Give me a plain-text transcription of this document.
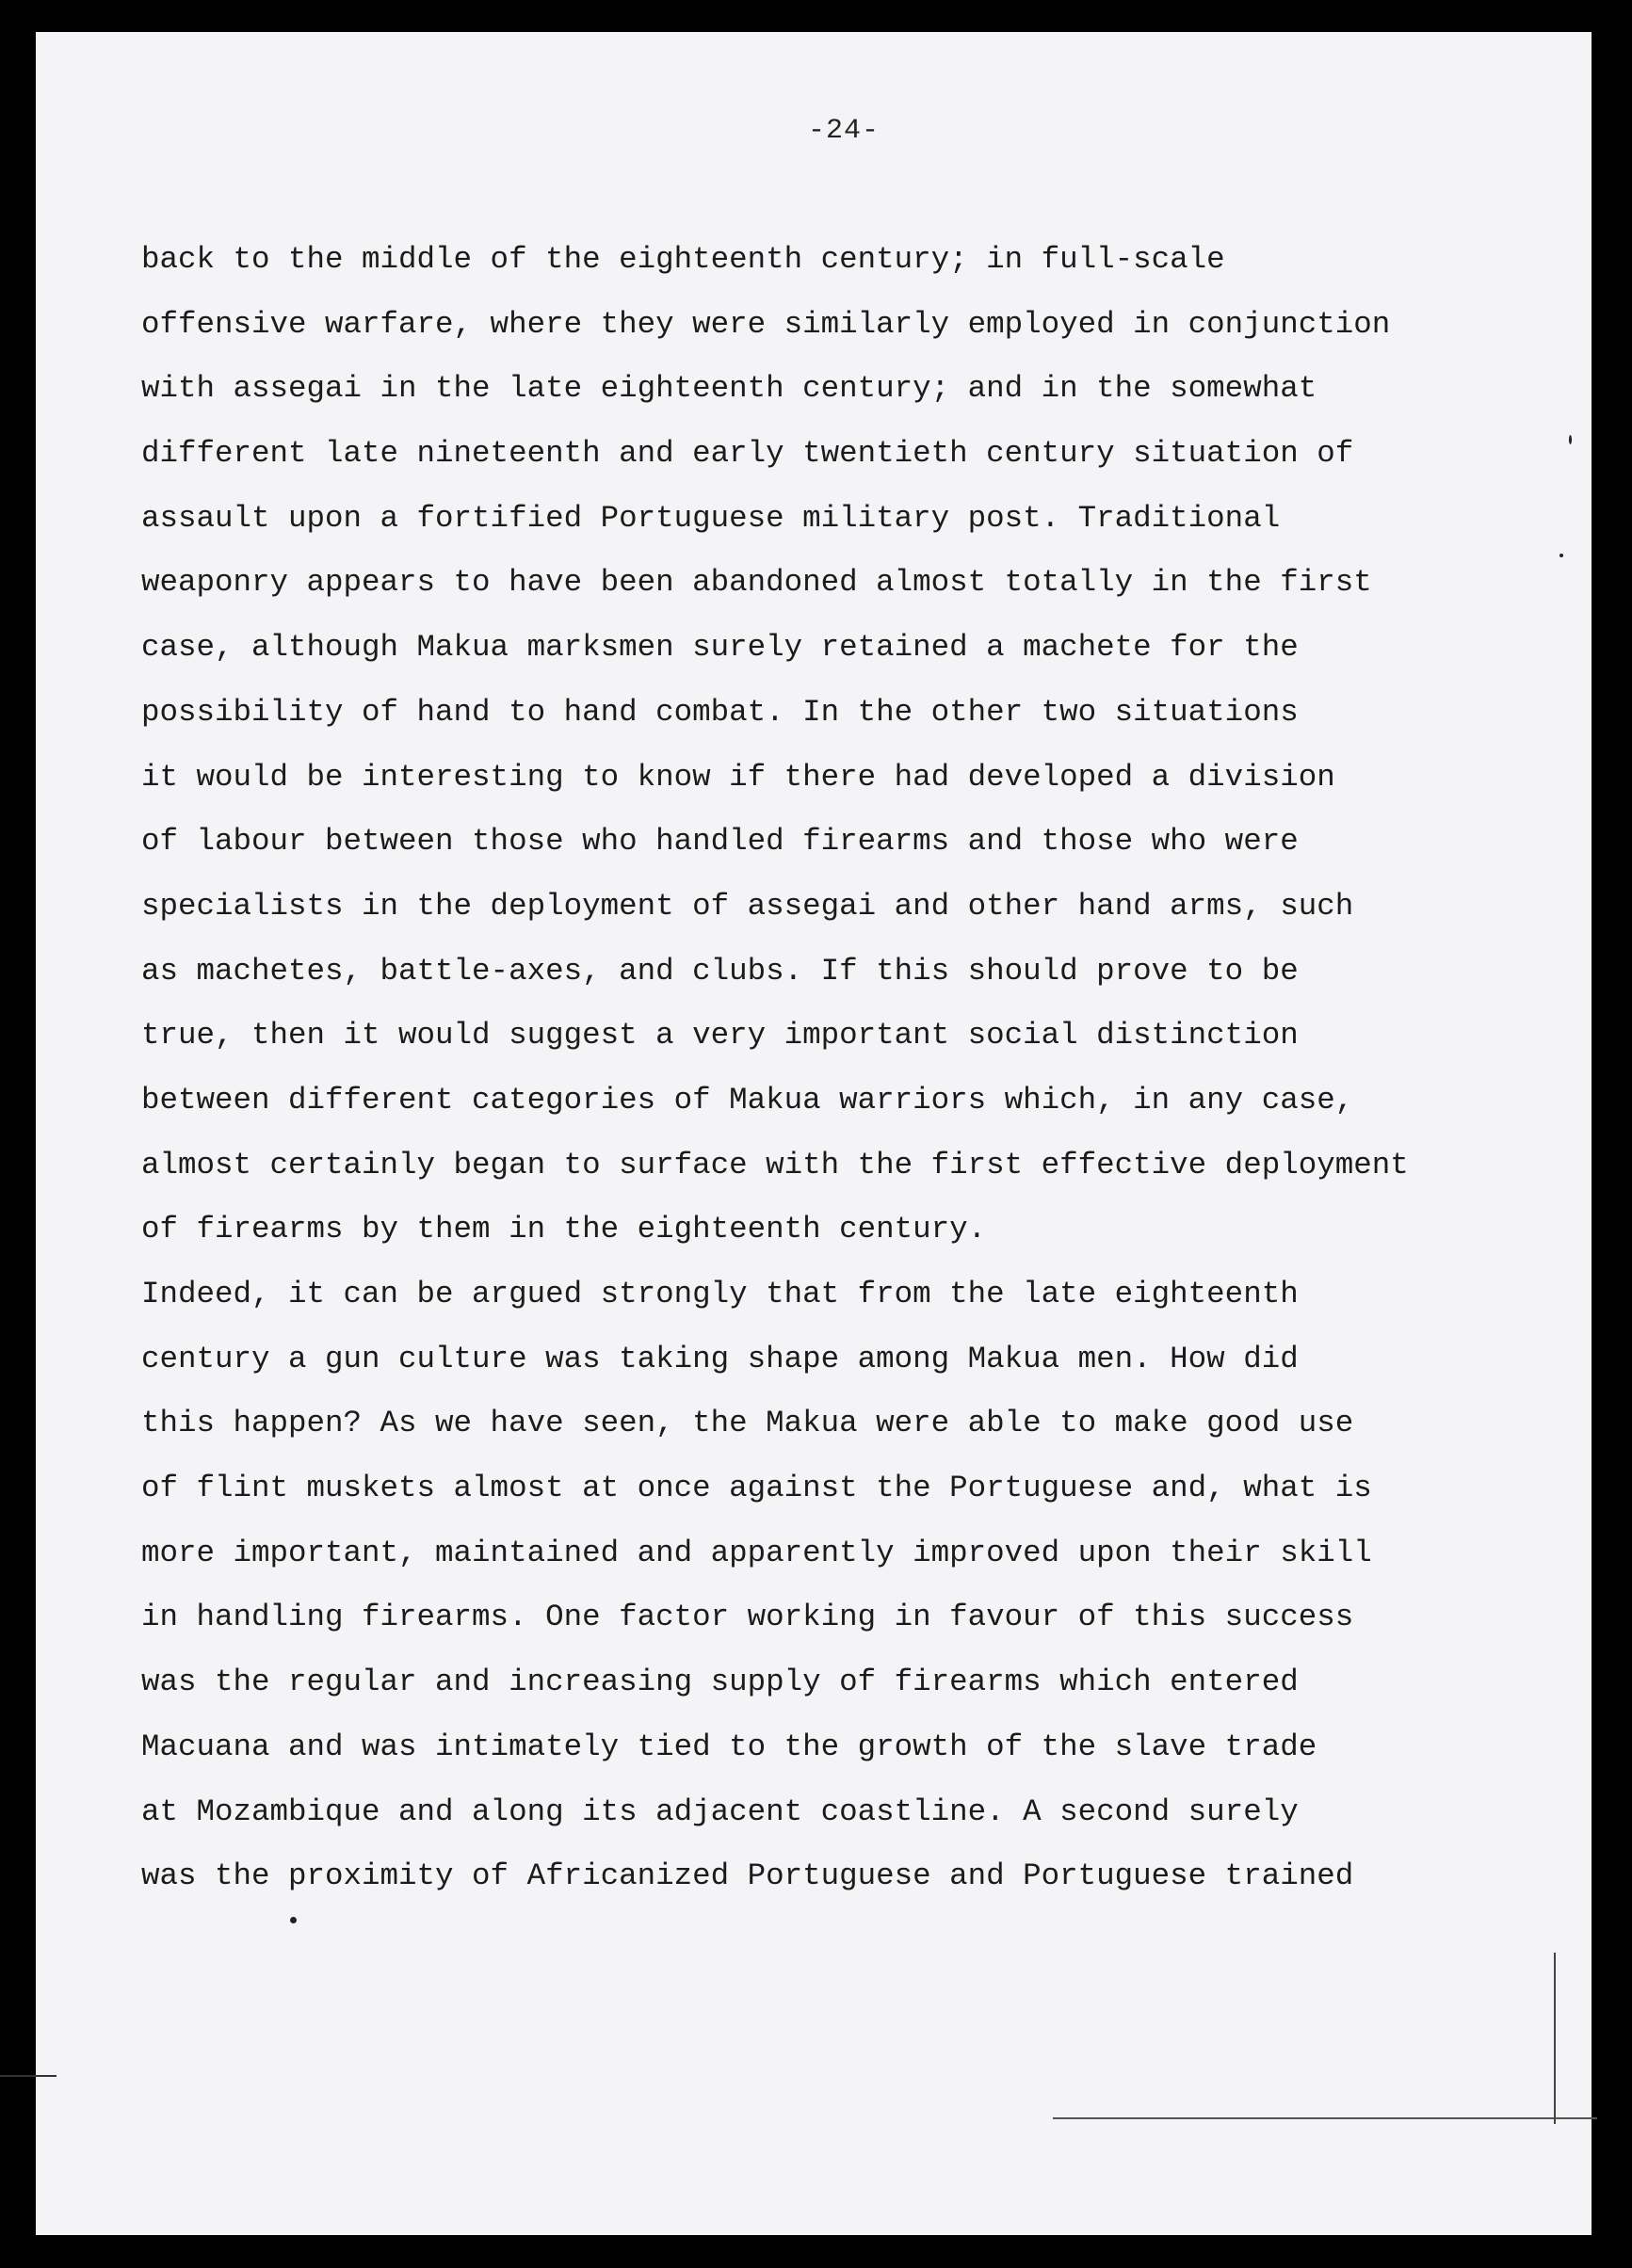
-24-
back to the middle of the eighteenth century; in full-scale
offensive warfare, where they were similarly employed in conjunction
with assegai in the late eighteenth century; and in the somewhat
different late nineteenth and early twentieth century situation of
assault upon a fortified Portuguese military post. Traditional
weaponry appears to have been abandoned almost totally in the first
case, although Makua marksmen surely retained a machete for the
possibility of hand to hand combat. In the other two situations
it would be interesting to know if there had developed a division
of labour between those who handled firearms and those who were
specialists in the deployment of assegai and other hand arms, such
as machetes, battle-axes, and clubs. If this should prove to be
true, then it would suggest a very important social distinction
between different categories of Makua warriors which, in any case,
almost certainly began to surface with the first effective deployment
of firearms by them in the eighteenth century.
Indeed, it can be argued strongly that from the late eighteenth
century a gun culture was taking shape among Makua men. How did
this happen? As we have seen, the Makua were able to make good use
of flint muskets almost at once against the Portuguese and, what is
more important, maintained and apparently improved upon their skill
in handling firearms. One factor working in favour of this success
was the regular and increasing supply of firearms which entered
Macuana and was intimately tied to the growth of the slave trade
at Mozambique and along its adjacent coastline. A second surely
was the proximity of Africanized Portuguese and Portuguese trained
